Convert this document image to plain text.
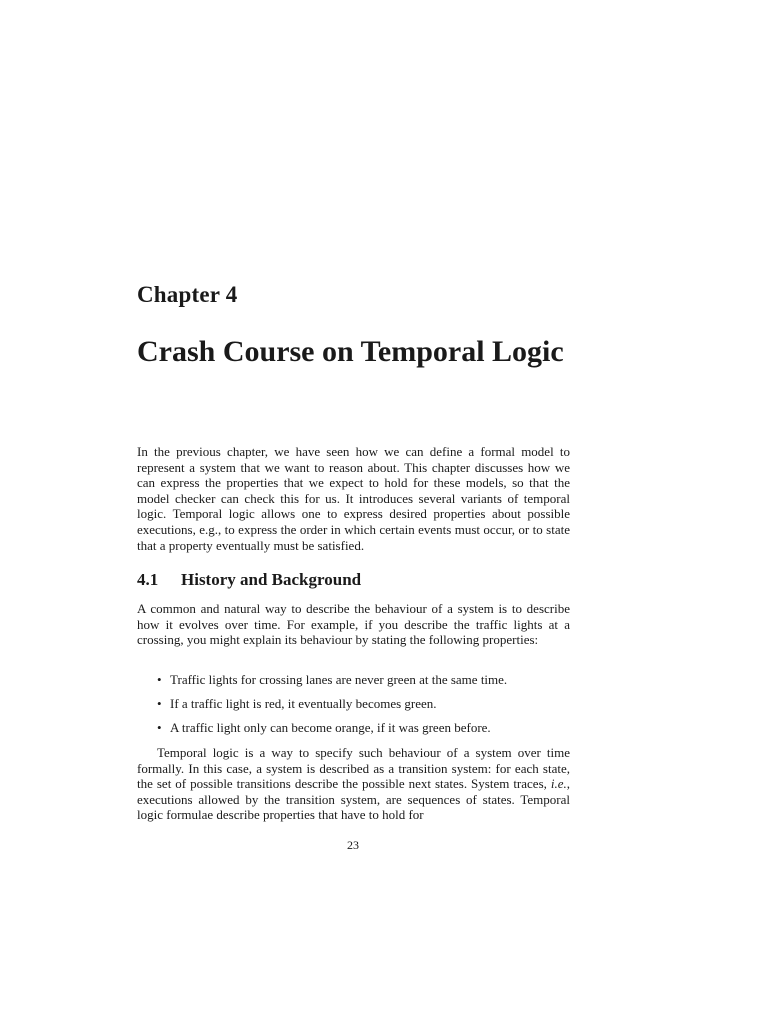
Chapter 4
Crash Course on Temporal Logic

In the previous chapter, we have seen how we can define a formal model to represent a system that we want to reason about. This chapter discusses how we can express the properties that we expect to hold for these models, so that the model checker can check this for us. It introduces several variants of temporal logic. Temporal logic allows one to express desired properties about possible executions, e.g., to express the order in which certain events must occur, or to state that a property eventually must be satisfied.

4.1 History and Background

A common and natural way to describe the behaviour of a system is to describe how it evolves over time. For example, if you describe the traffic lights at a crossing, you might explain its behaviour by stating the following properties:

• Traffic lights for crossing lanes are never green at the same time.
• If a traffic light is red, it eventually becomes green.
• A traffic light only can become orange, if it was green before.

Temporal logic is a way to specify such behaviour of a system over time formally. In this case, a system is described as a transition system: for each state, the set of possible transitions describe the possible next states. System traces, i.e., executions allowed by the transition system, are sequences of states. Temporal logic formulae describe properties that have to hold for

23
